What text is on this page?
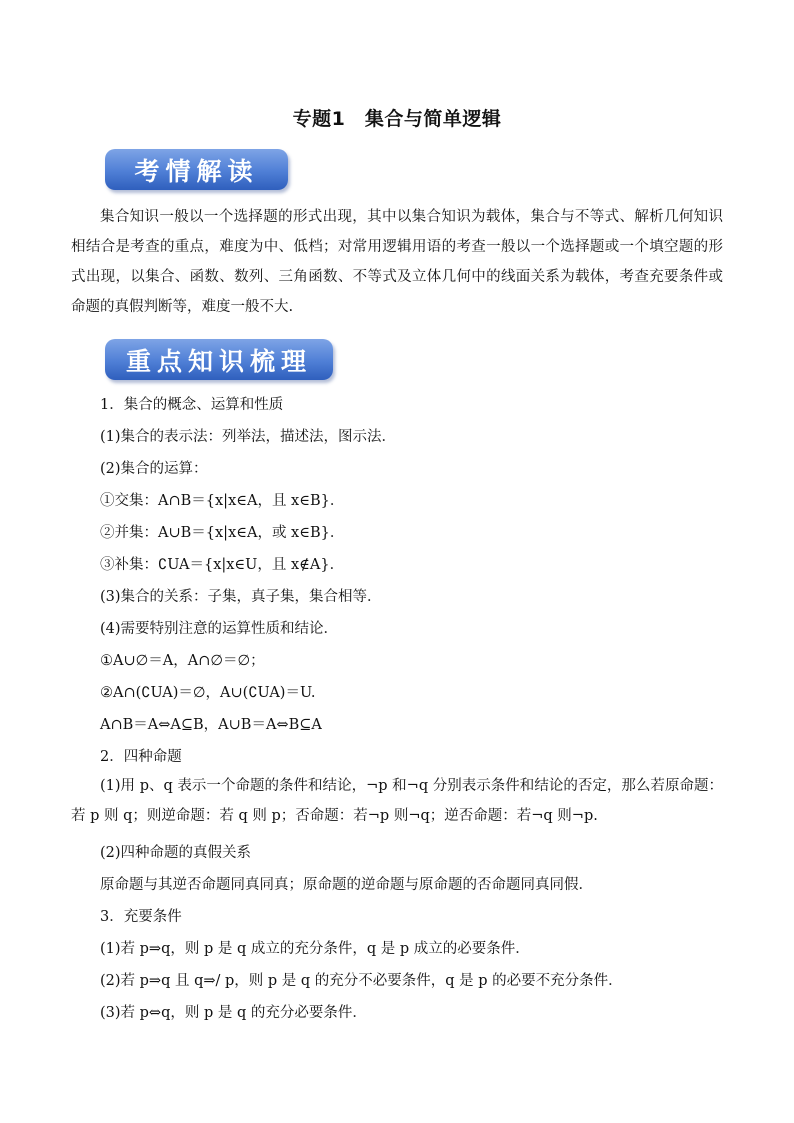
专题1　集合与简单逻辑
考情解读
集合知识一般以一个选择题的形式出现，其中以集合知识为载体，集合与不等式、解析几何知识相结合是考查的重点，难度为中、低档；对常用逻辑用语的考查一般以一个选择题或一个填空题的形式出现，以集合、函数、数列、三角函数、不等式及立体几何中的线面关系为载体，考查充要条件或命题的真假判断等，难度一般不大.
重点知识梳理
1．集合的概念、运算和性质
(1)集合的表示法：列举法，描述法，图示法．
(2)集合的运算：
①交集：A∩B＝{x|x∈A，且 x∈B}．
②并集：A∪B＝{x|x∈A，或 x∈B}．
③补集：∁UA＝{x|x∈U，且 x∉A}．
(3)集合的关系：子集，真子集，集合相等．
(4)需要特别注意的运算性质和结论．
①A∪∅＝A，A∩∅＝∅；
②A∩(∁UA)＝∅，A∪(∁UA)＝U.
A∩B＝A⇔A⊆B，A∪B＝A⇔B⊆A
2．四种命题
(1)用 p、q 表示一个命题的条件和结论，¬p 和¬q 分别表示条件和结论的否定，那么若原命题：若 p 则 q；则逆命题：若 q 则 p；否命题：若¬p 则¬q；逆否命题：若¬q 则¬p.
(2)四种命题的真假关系
原命题与其逆否命题同真同真；原命题的逆命题与原命题的否命题同真同假．
3．充要条件
(1)若 p⇒q，则 p 是 q 成立的充分条件，q 是 p 成立的必要条件．
(2)若 p⇒q 且 q⇒/ p，则 p 是 q 的充分不必要条件，q 是 p 的必要不充分条件．
(3)若 p⇔q，则 p 是 q 的充分必要条件．
